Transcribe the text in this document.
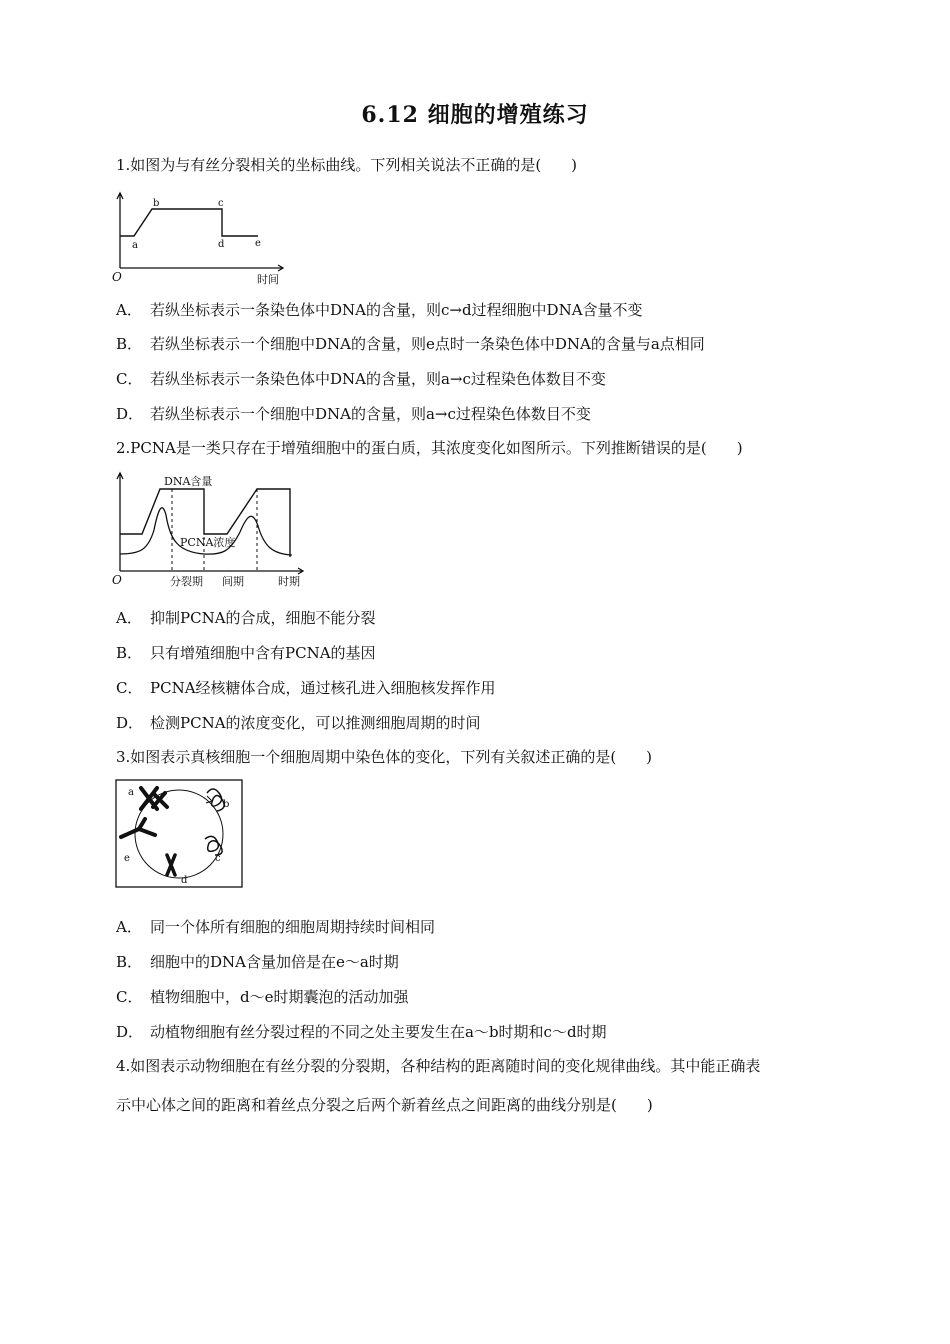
6.12 细胞的增殖练习
1.如图为与有丝分裂相关的坐标曲线。下列相关说法不正确的是(　　)
O	时间
a
b	c
d	e
A． 若纵坐标表示一条染色体中DNA的含量，则c→d过程细胞中DNA含量不变
B． 若纵坐标表示一个细胞中DNA的含量，则e点时一条染色体中DNA的含量与a点相同
C． 若纵坐标表示一条染色体中DNA的含量，则a→c过程染色体数目不变
D． 若纵坐标表示一个细胞中DNA的含量，则a→c过程染色体数目不变
2.PCNA是一类只存在于增殖细胞中的蛋白质，其浓度变化如图所示。下列推断错误的是(　　)
DNA含量
PCNA浓度
O	分裂期 间期	时期
A． 抑制PCNA的合成，细胞不能分裂
B． 只有增殖细胞中含有PCNA的基因
C． PCNA经核糖体合成，通过核孔进入细胞核发挥作用
D． 检测PCNA的浓度变化，可以推测细胞周期的时间
3.如图表示真核细胞一个细胞周期中染色体的变化，下列有关叙述正确的是(　　)
a
b
c
d
e
A． 同一个体所有细胞的细胞周期持续时间相同
B． 细胞中的DNA含量加倍是在e～a时期
C． 植物细胞中，d～e时期囊泡的活动加强
D． 动植物细胞有丝分裂过程的不同之处主要发生在a～b时期和c～d时期
4.如图表示动物细胞在有丝分裂的分裂期，各种结构的距离随时间的变化规律曲线。其中能正确表
示中心体之间的距离和着丝点分裂之后两个新着丝点之间距离的曲线分别是(　　)
